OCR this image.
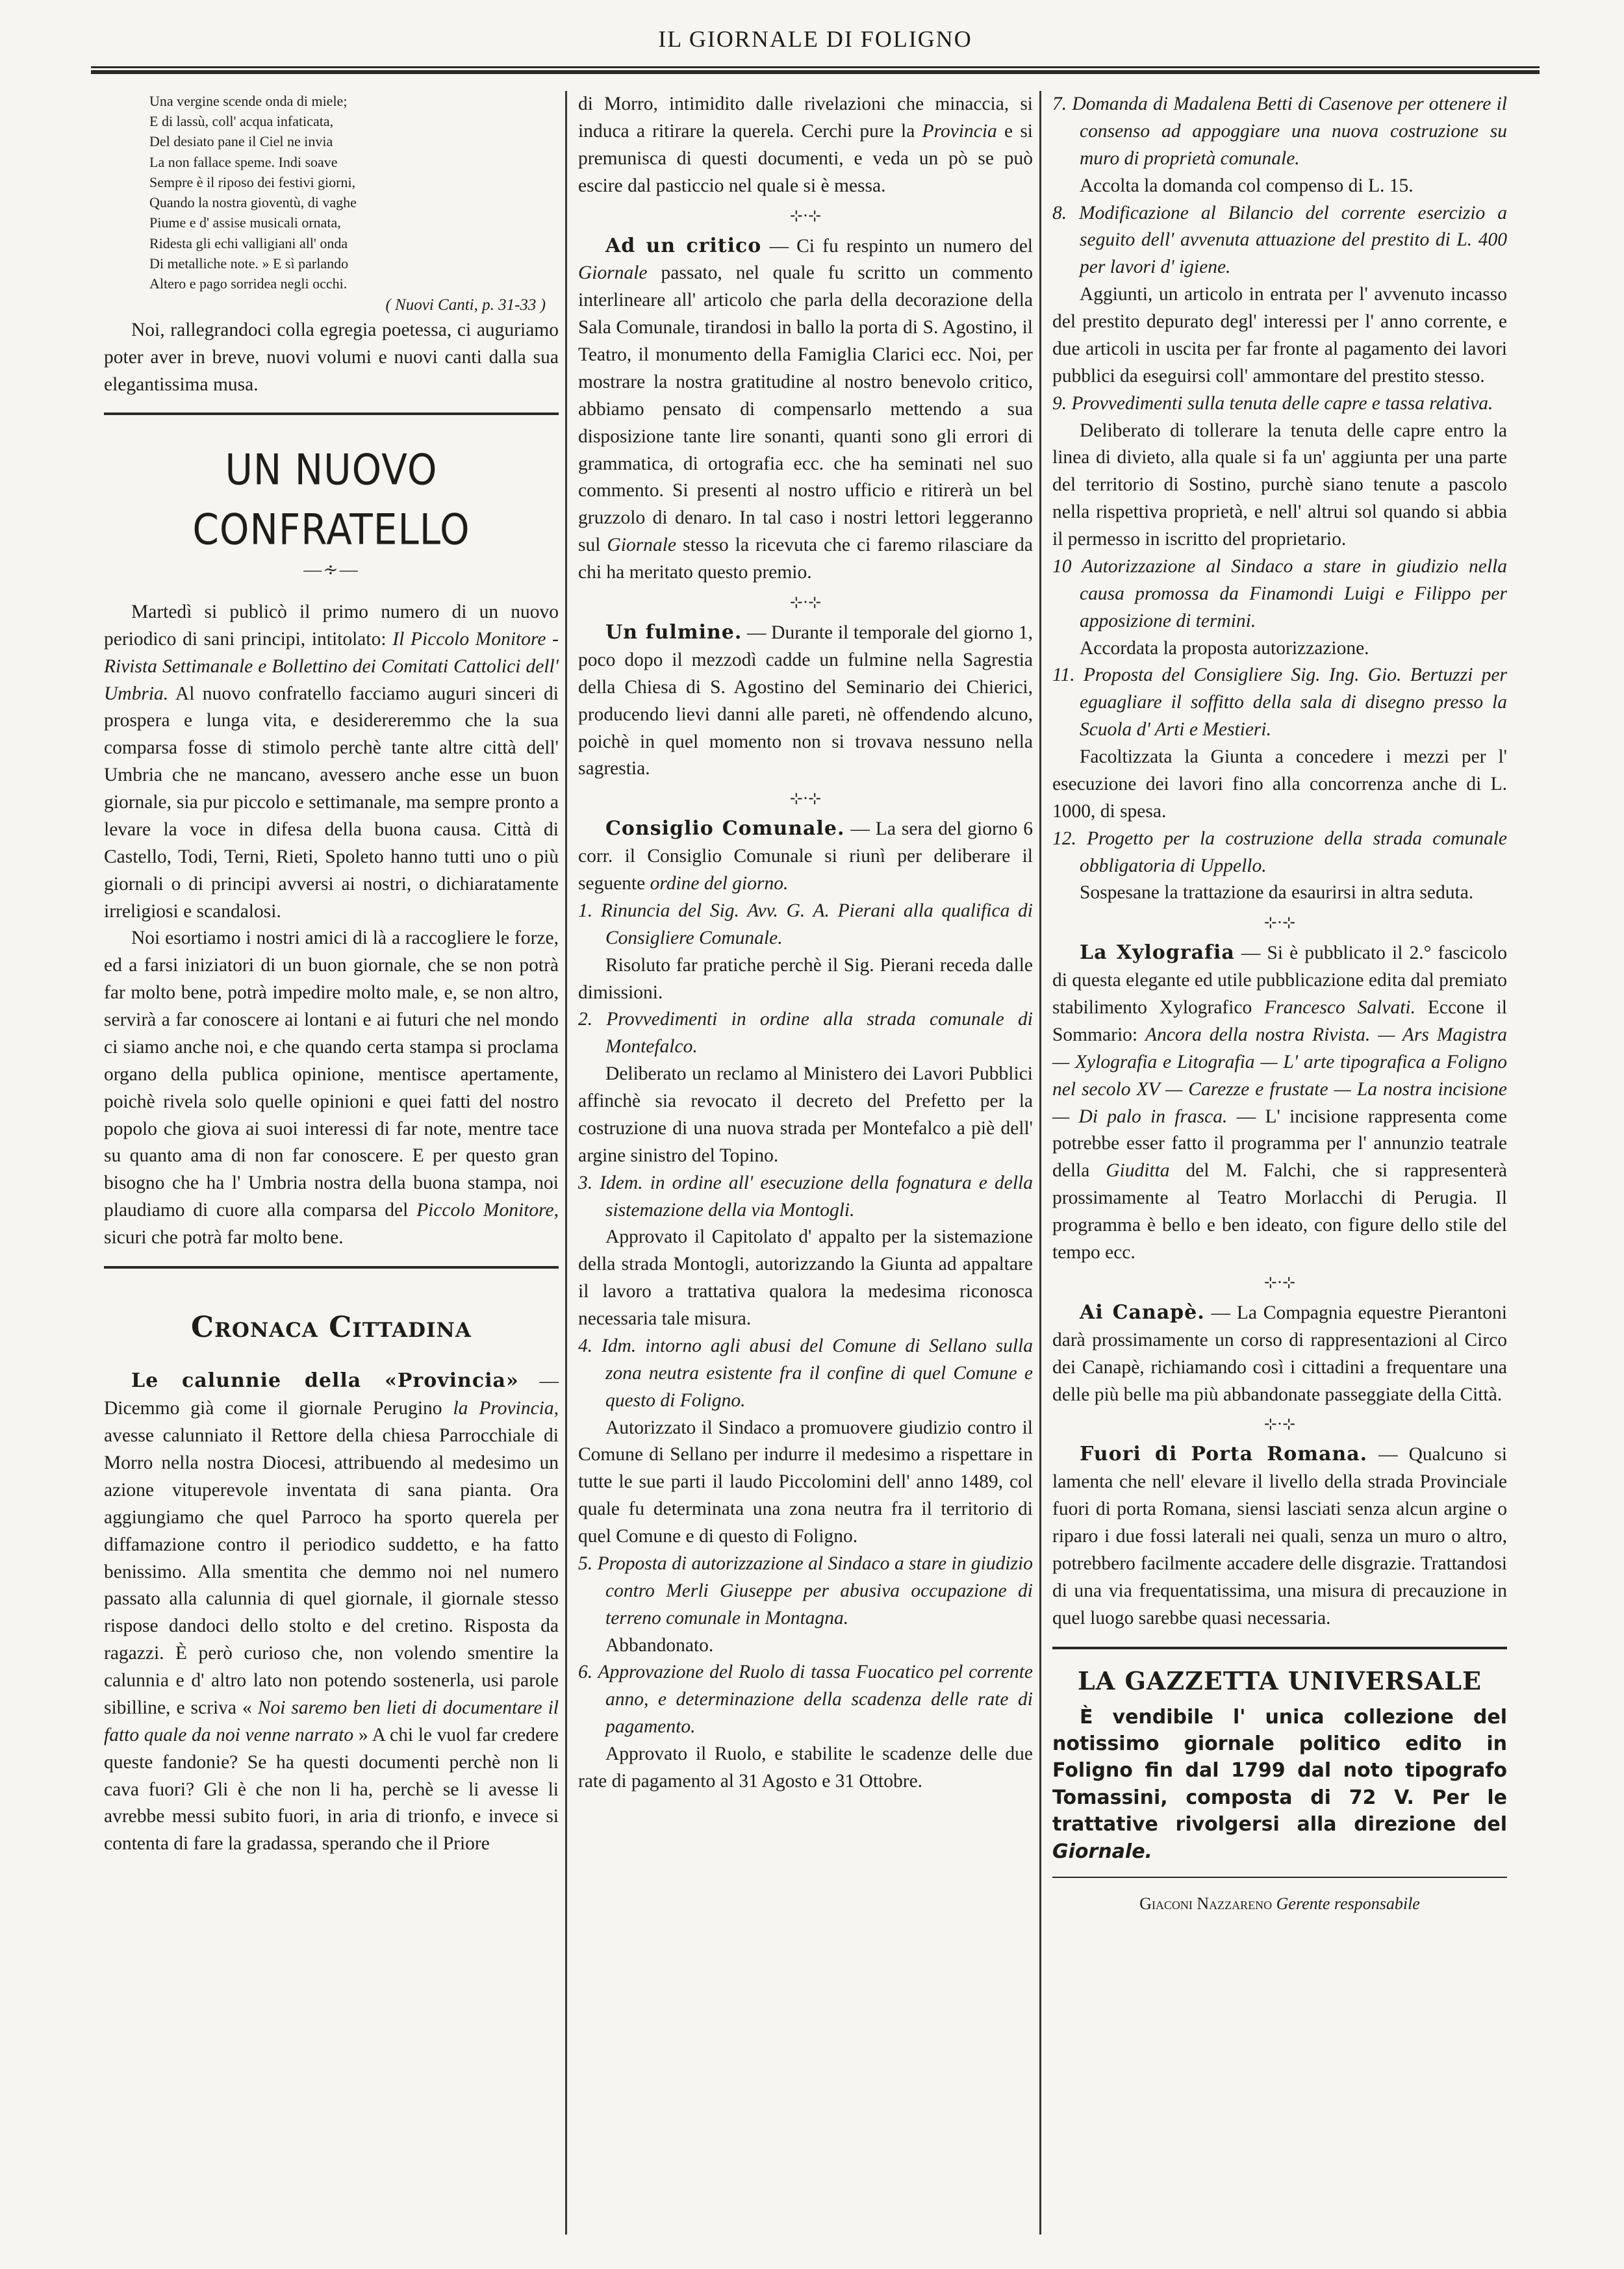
IL GIORNALE DI FOLIGNO
Una vergine scende onda di miele;
E di lassù, coll' acqua infaticata,
Del desiato pane il Ciel ne invia
La non fallace speme. Indi soave
Sempre è il riposo dei festivi giorni,
Quando la nostra gioventù, di vaghe
Piume e d' assise musicali ornata,
Ridesta gli echi valligiani all' onda
Di metalliche note. » E sì parlando
Altero e pago sorridea negli occhi.
( Nuovi Canti, p. 31-33 )

Noi, rallegrandoci colla egregia poetessa, ci auguriamo poter aver in breve, nuovi volumi e nuovi canti dalla sua elegantissima musa.

UN NUOVO CONFRATELLO
—∻—

Martedì si publicò il primo numero di un nuovo periodico di sani principi, intitolato: Il Piccolo Monitore - Rivista Settimanale e Bollettino dei Comitati Cattolici dell' Umbria. Al nuovo confratello facciamo auguri sinceri di prospera e lunga vita, e desidereremmo che la sua comparsa fosse di stimolo perchè tante altre città dell' Umbria che ne mancano, avessero anche esse un buon giornale, sia pur piccolo e settimanale, ma sempre pronto a levare la voce in difesa della buona causa. Città di Castello, Todi, Terni, Rieti, Spoleto hanno tutti uno o più giornali o di principi avversi ai nostri, o dichiaratamente irreligiosi e scandalosi.

Noi esortiamo i nostri amici di là a raccogliere le forze, ed a farsi iniziatori di un buon giornale, che se non potrà far molto bene, potrà impedire molto male, e, se non altro, servirà a far conoscere ai lontani e ai futuri che nel mondo ci siamo anche noi, e che quando certa stampa si proclama organo della publica opinione, mentisce apertamente, poichè rivela solo quelle opinioni e quei fatti del nostro popolo che giova ai suoi interessi di far note, mentre tace su quanto ama di non far conoscere. E per questo gran bisogno che ha l' Umbria nostra della buona stampa, noi plaudiamo di cuore alla comparsa del Piccolo Monitore, sicuri che potrà far molto bene.

Cronaca Cittadina

Le calunnie della «Provincia» — Dicemmo già come il giornale Perugino la Provincia, avesse calunniato il Rettore della chiesa Parrocchiale di Morro nella nostra Diocesi, attribuendo al medesimo un azione vituperevole inventata di sana pianta. Ora aggiungiamo che quel Parroco ha sporto querela per diffamazione contro il periodico suddetto, e ha fatto benissimo. Alla smentita che demmo noi nel numero passato alla calunnia di quel giornale, il giornale stesso rispose dandoci dello stolto e del cretino. Risposta da ragazzi. È però curioso che, non volendo smentire la calunnia e d' altro lato non potendo sostenerla, usi parole sibilline, e scriva « Noi saremo ben lieti di documentare il fatto quale da noi venne narrato » A chi le vuol far credere queste fandonie? Se ha questi documenti perchè non li cava fuori? Gli è che non li ha, perchè se li avesse li avrebbe messi subito fuori, in aria di trionfo, e invece si contenta di fare la gradassa, sperando che il Priore

di Morro, intimidito dalle rivelazioni che minaccia, si induca a ritirare la querela. Cerchi pure la Provincia e si premunisca di questi documenti, e veda un pò se può escire dal pasticcio nel quale si è messa.

⊹⋅⊹

Ad un critico — Ci fu respinto un numero del Giornale passato, nel quale fu scritto un commento interlineare all' articolo che parla della decorazione della Sala Comunale, tirandosi in ballo la porta di S. Agostino, il Teatro, il monumento della Famiglia Clarici ecc. Noi, per mostrare la nostra gratitudine al nostro benevolo critico, abbiamo pensato di compensarlo mettendo a sua disposizione tante lire sonanti, quanti sono gli errori di grammatica, di ortografia ecc. che ha seminati nel suo commento. Si presenti al nostro ufficio e ritirerà un bel gruzzolo di denaro. In tal caso i nostri lettori leggeranno sul Giornale stesso la ricevuta che ci faremo rilasciare da chi ha meritato questo premio.

⊹⋅⊹

Un fulmine. — Durante il temporale del giorno 1, poco dopo il mezzodì cadde un fulmine nella Sagrestia della Chiesa di S. Agostino del Seminario dei Chierici, producendo lievi danni alle pareti, nè offendendo alcuno, poichè in quel momento non si trovava nessuno nella sagrestia.

⊹⋅⊹

Consiglio Comunale. — La sera del giorno 6 corr. il Consiglio Comunale si riunì per deliberare il seguente ordine del giorno.

1. Rinuncia del Sig. Avv. G. A. Pierani alla qualifica di Consigliere Comunale.

Risoluto far pratiche perchè il Sig. Pierani receda dalle dimissioni.

2. Provvedimenti in ordine alla strada comunale di Montefalco.

Deliberato un reclamo al Ministero dei Lavori Pubblici affinchè sia revocato il decreto del Prefetto per la costruzione di una nuova strada per Montefalco a piè dell' argine sinistro del Topino.

3. Idem. in ordine all' esecuzione della fognatura e della sistemazione della via Montogli.

Approvato il Capitolato d' appalto per la sistemazione della strada Montogli, autorizzando la Giunta ad appaltare il lavoro a trattativa qualora la medesima riconosca necessaria tale misura.

4. Idm. intorno agli abusi del Comune di Sellano sulla zona neutra esistente fra il confine di quel Comune e questo di Foligno.

Autorizzato il Sindaco a promuovere giudizio contro il Comune di Sellano per indurre il medesimo a rispettare in tutte le sue parti il laudo Piccolomini dell' anno 1489, col quale fu determinata una zona neutra fra il territorio di quel Comune e di questo di Foligno.

5. Proposta di autorizzazione al Sindaco a stare in giudizio contro Merli Giuseppe per abusiva occupazione di terreno comunale in Montagna.

Abbandonato.

6. Approvazione del Ruolo di tassa Fuocatico pel corrente anno, e determinazione della scadenza delle rate di pagamento.

Approvato il Ruolo, e stabilite le scadenze delle due rate di pagamento al 31 Agosto e 31 Ottobre.

7. Domanda di Madalena Betti di Casenove per ottenere il consenso ad appoggiare una nuova costruzione su muro di proprietà comunale.

Accolta la domanda col compenso di L. 15.

8. Modificazione al Bilancio del corrente esercizio a seguito dell' avvenuta attuazione del prestito di L. 400 per lavori d' igiene.

Aggiunti, un articolo in entrata per l' avvenuto incasso del prestito depurato degl' interessi per l' anno corrente, e due articoli in uscita per far fronte al pagamento dei lavori pubblici da eseguirsi coll' ammontare del prestito stesso.

9. Provvedimenti sulla tenuta delle capre e tassa relativa.

Deliberato di tollerare la tenuta delle capre entro la linea di divieto, alla quale si fa un' aggiunta per una parte del territorio di Sostino, purchè siano tenute a pascolo nella rispettiva proprietà, e nell' altrui sol quando si abbia il permesso in iscritto del proprietario.

10 Autorizzazione al Sindaco a stare in giudizio nella causa promossa da Finamondi Luigi e Filippo per apposizione di termini.

Accordata la proposta autorizzazione.

11. Proposta del Consigliere Sig. Ing. Gio. Bertuzzi per eguagliare il soffitto della sala di disegno presso la Scuola d' Arti e Mestieri.

Facoltizzata la Giunta a concedere i mezzi per l' esecuzione dei lavori fino alla concorrenza anche di L. 1000, di spesa.

12. Progetto per la costruzione della strada comunale obbligatoria di Uppello.

Sospesane la trattazione da esaurirsi in altra seduta.

⊹⋅⊹

La Xylografia — Si è pubblicato il 2.° fascicolo di questa elegante ed utile pubblicazione edita dal premiato stabilimento Xylografico Francesco Salvati. Eccone il Sommario: Ancora della nostra Rivista. — Ars Magistra — Xylografia e Litografia — L' arte tipografica a Foligno nel secolo XV — Carezze e frustate — La nostra incisione — Di palo in frasca. — L' incisione rappresenta come potrebbe esser fatto il programma per l' annunzio teatrale della Giuditta del M. Falchi, che si rappresenterà prossimamente al Teatro Morlacchi di Perugia. Il programma è bello e ben ideato, con figure dello stile del tempo ecc.

⊹⋅⊹

Ai Canapè. — La Compagnia equestre Pierantoni darà prossimamente un corso di rappresentazioni al Circo dei Canapè, richiamando così i cittadini a frequentare una delle più belle ma più abbandonate passeggiate della Città.

⊹⋅⊹

Fuori di Porta Romana. — Qualcuno si lamenta che nell' elevare il livello della strada Provinciale fuori di porta Romana, siensi lasciati senza alcun argine o riparo i due fossi laterali nei quali, senza un muro o altro, potrebbero facilmente accadere delle disgrazie. Trattandosi di una via frequentatissima, una misura di precauzione in quel luogo sarebbe quasi necessaria.

LA GAZZETTA UNIVERSALE

È vendibile l' unica collezione del notissimo giornale politico edito in Foligno fin dal 1799 dal noto tipografo Tomassini, composta di 72 V. Per le trattative rivolgersi alla direzione del Giornale.

Giaconi Nazzareno Gerente responsabile
